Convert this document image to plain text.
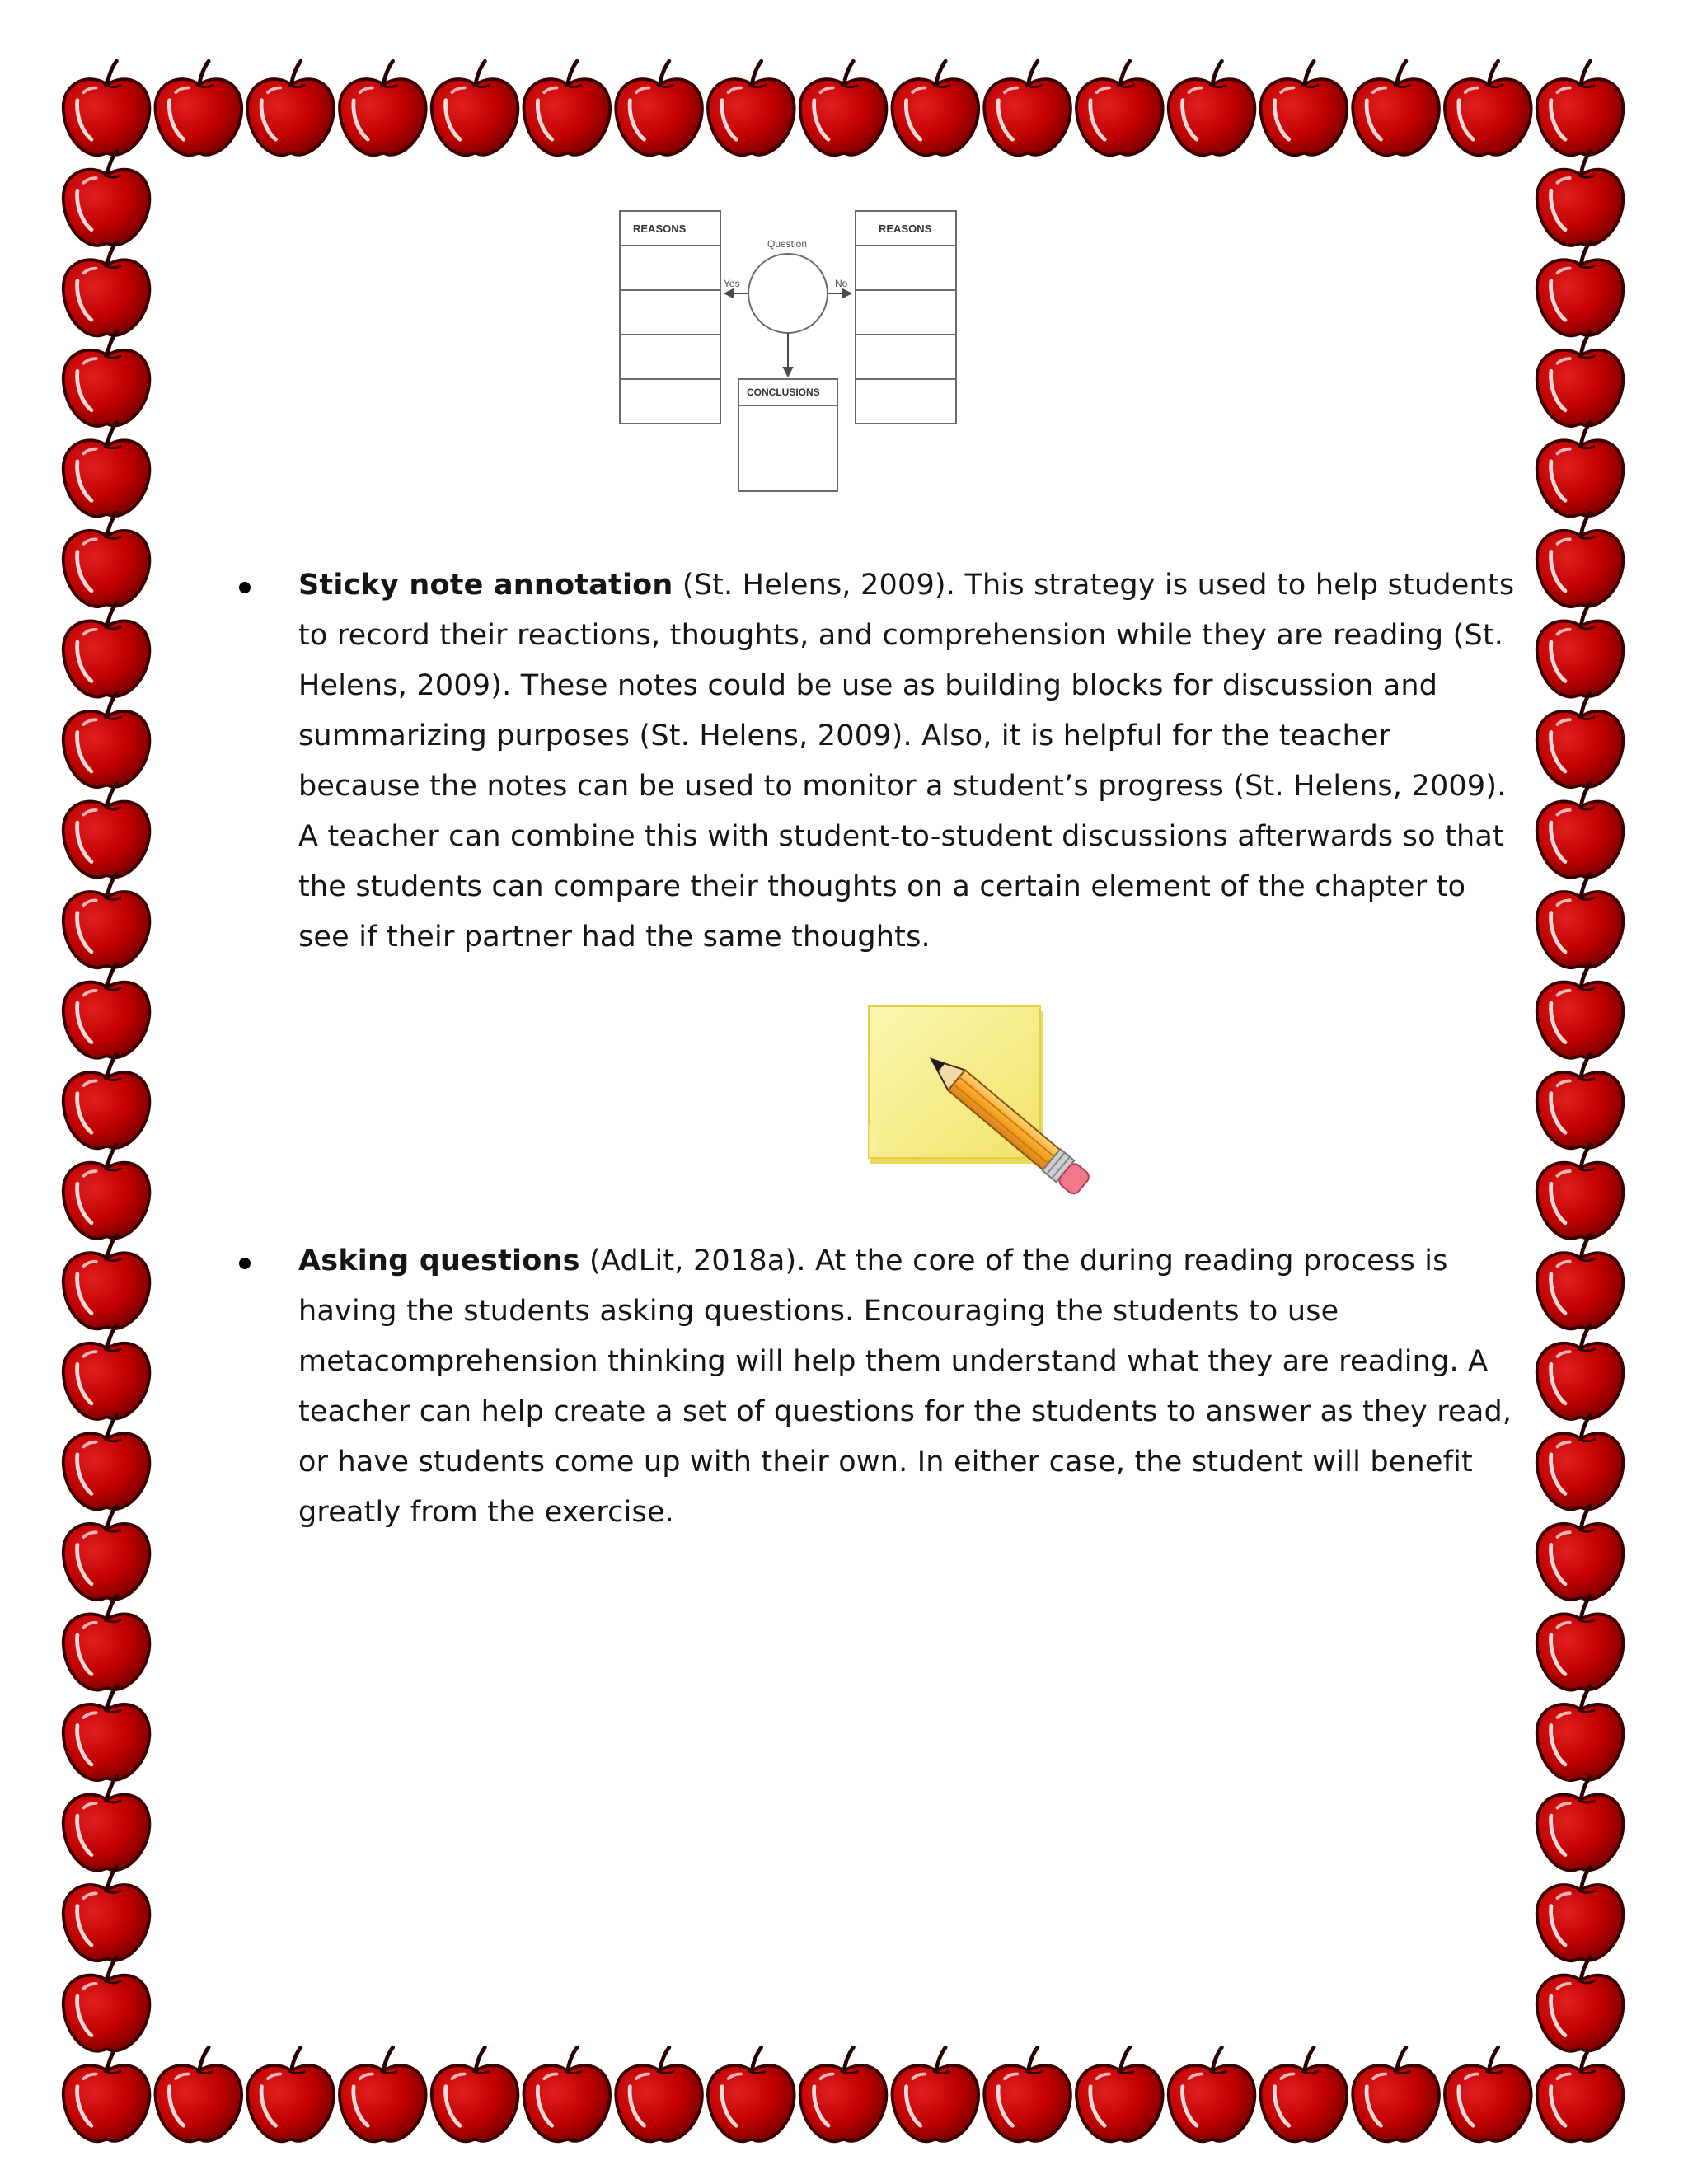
REASONS	REASONS
Question
Yes	No
CONCLUSIONS

Sticky note annotation (St. Helens, 2009). This strategy is used to help students to record their reactions, thoughts, and comprehension while they are reading (St. Helens, 2009). These notes could be use as building blocks for discussion and summarizing purposes (St. Helens, 2009). Also, it is helpful for the teacher because the notes can be used to monitor a student’s progress (St. Helens, 2009). A teacher can combine this with student-to-student discussions afterwards so that the students can compare their thoughts on a certain element of the chapter to see if their partner had the same thoughts.

Asking questions (AdLit, 2018a). At the core of the during reading process is having the students asking questions. Encouraging the students to use metacomprehension thinking will help them understand what they are reading. A teacher can help create a set of questions for the students to answer as they read, or have students come up with their own. In either case, the student will benefit greatly from the exercise.
